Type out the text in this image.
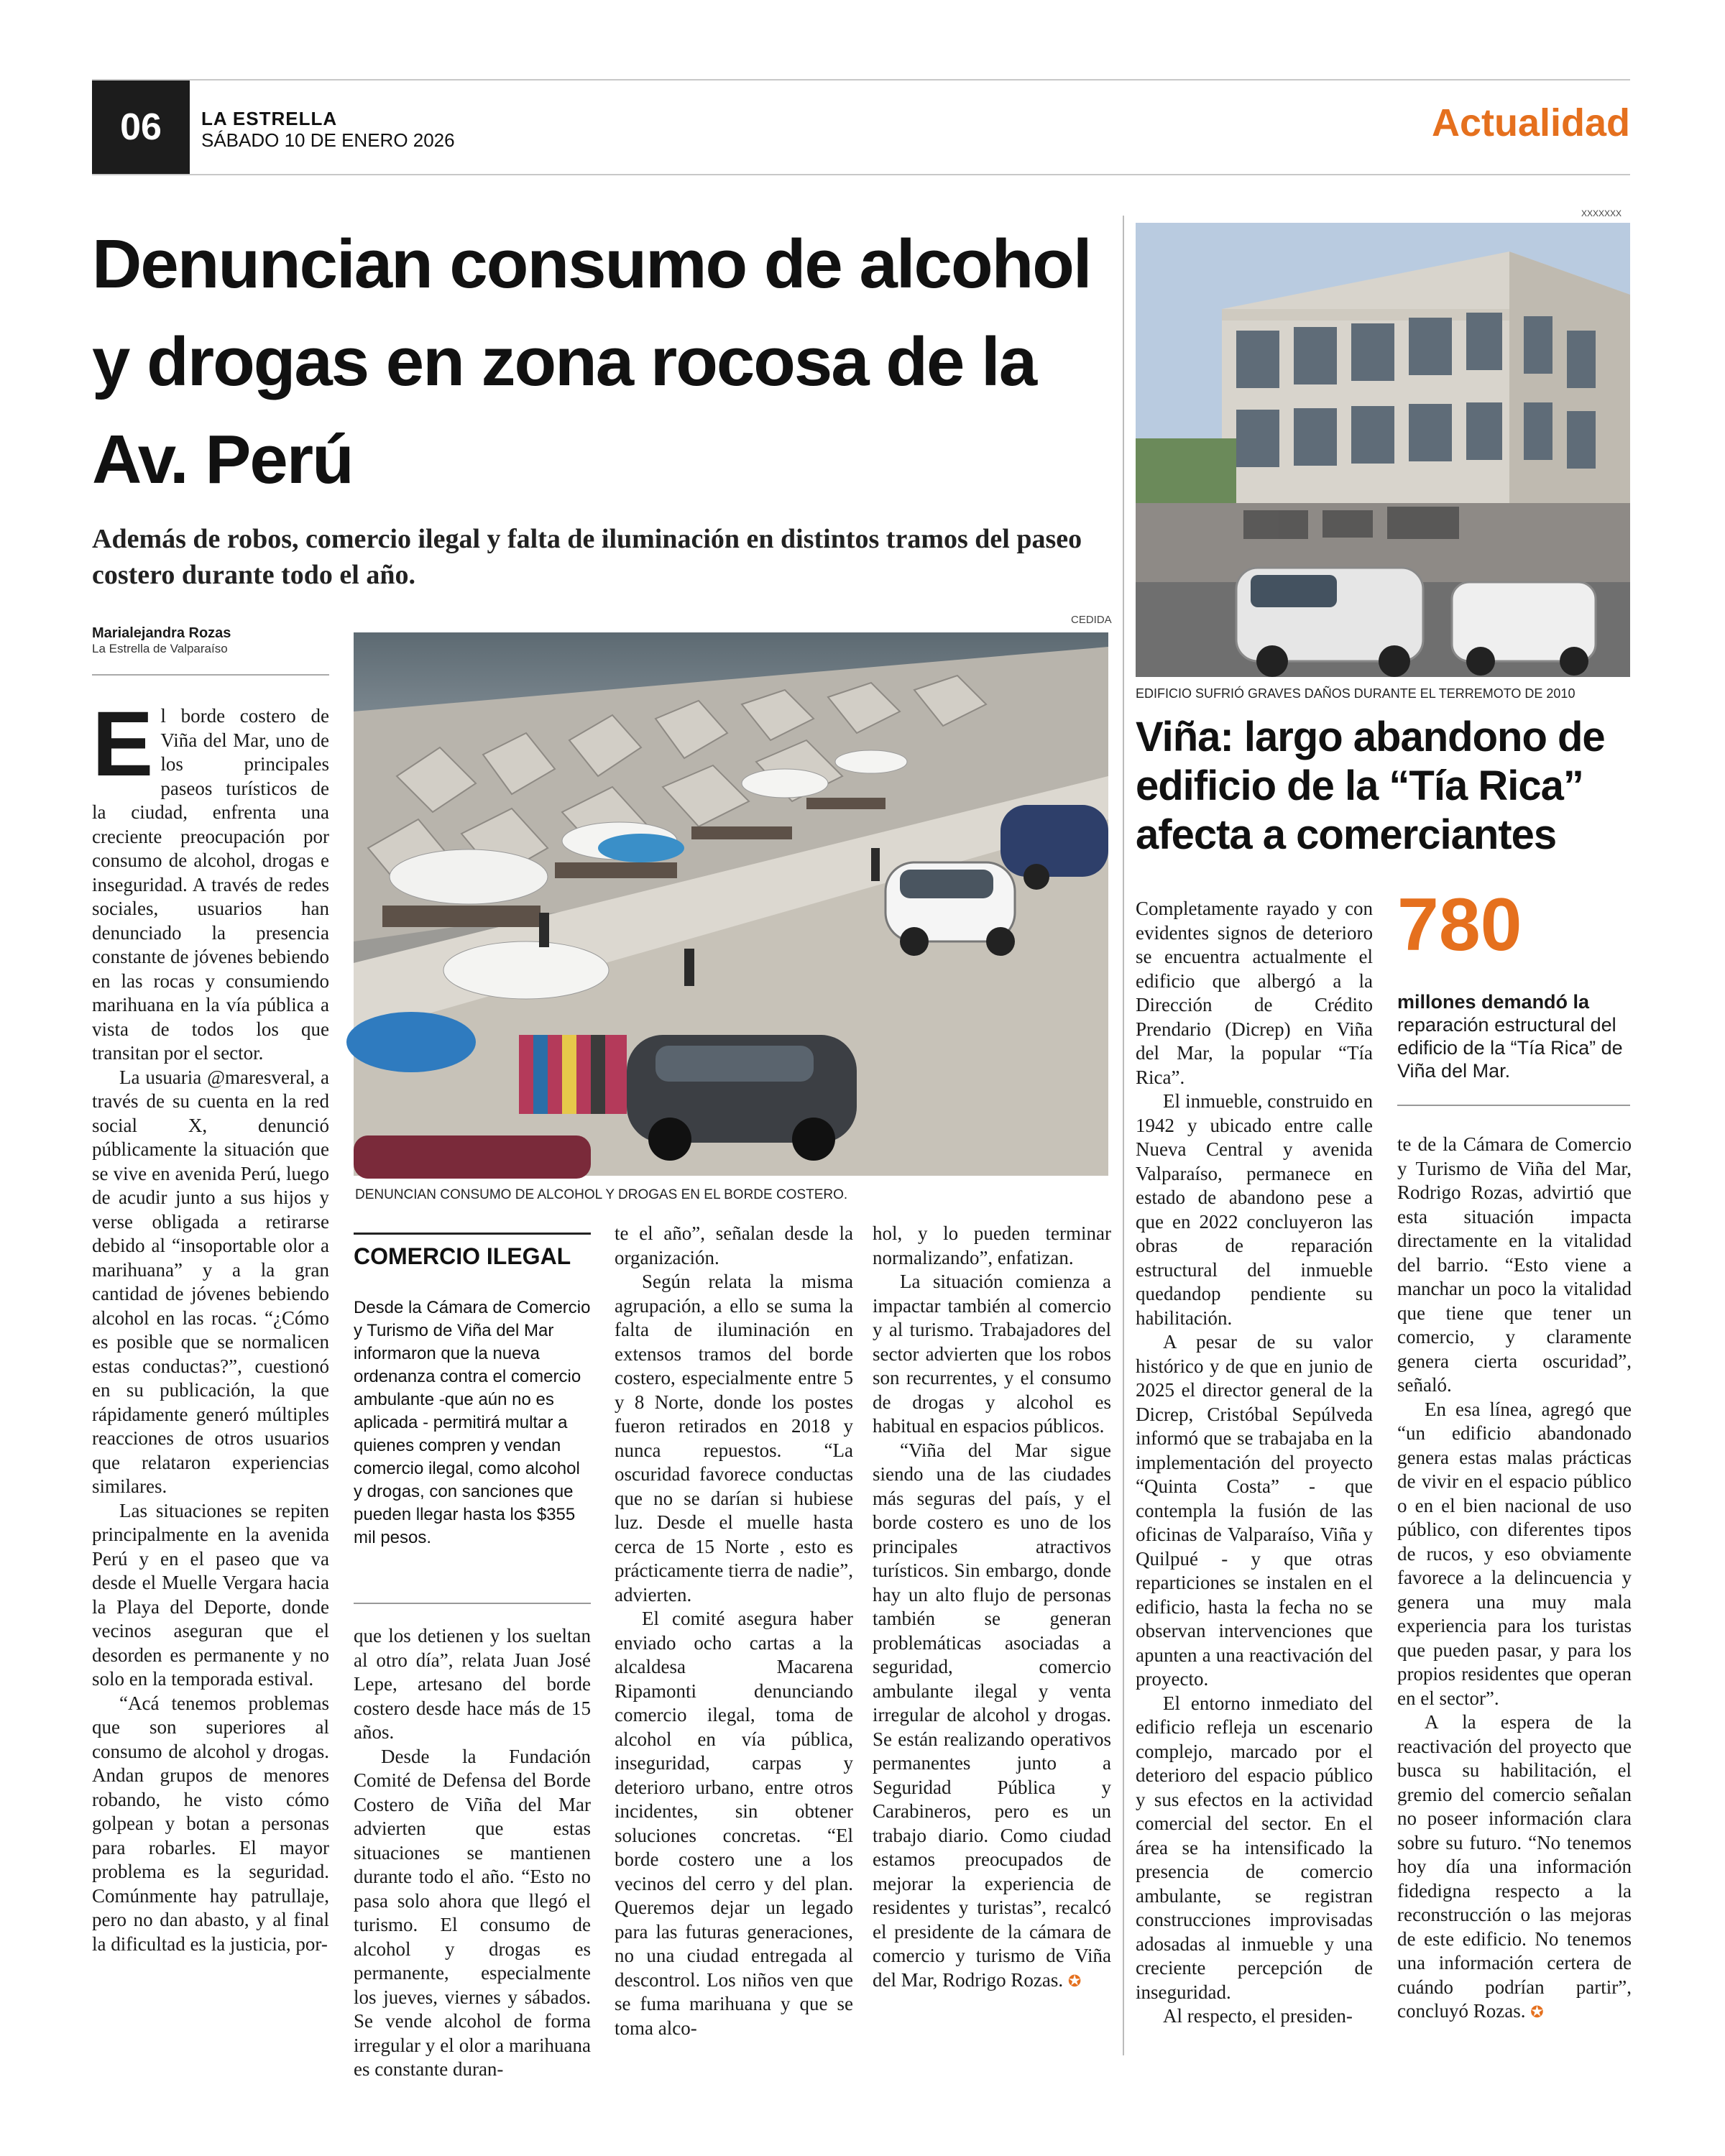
06	LA ESTRELLA
SÁBADO 10 DE ENERO 2026	Actualidad
Denuncian consumo de alcohol y drogas en zona rocosa de la Av. Perú
Además de robos, comercio ilegal y falta de iluminación en distintos tramos del paseo costero durante todo el año.
Marialejandra Rozas
La Estrella de Valparaíso
CEDIDA
DENUNCIAN CONSUMO DE ALCOHOL Y DROGAS EN EL BORDE COSTERO.

El borde costero de Viña del Mar, uno de los principales paseos turísticos de la ciudad, enfrenta una creciente preocupación por consumo de alcohol, drogas e inseguridad. A través de redes sociales, usuarios han denunciado la presencia constante de jóvenes bebiendo en las rocas y consumiendo marihuana en la vía pública a vista de todos los que transitan por el sector.

La usuaria @maresveral, a través de su cuenta en la red social X, denunció públicamente la situación que se vive en avenida Perú, luego de acudir junto a sus hijos y verse obligada a retirarse debido al “insoportable olor a marihuana” y a la gran cantidad de jóvenes bebiendo alcohol en las rocas. “¿Cómo es posible que se normalicen estas conductas?”, cuestionó en su publicación, la que rápidamente generó múltiples reacciones de otros usuarios que relataron experiencias similares.

Las situaciones se repiten principalmente en la avenida Perú y en el paseo que va desde el Muelle Vergara hacia la Playa del Deporte, donde vecinos aseguran que el desorden es permanente y no solo en la temporada estival.

“Acá tenemos problemas que son superiores al consumo de alcohol y drogas. Andan grupos de menores robando, he visto cómo golpean y botan a personas para robarles. El mayor problema es la seguridad. Comúnmente hay patrullaje, pero no dan abasto, y al final la dificultad es la justicia, por-

COMERCIO ILEGAL
Desde la Cámara de Comercio y Turismo de Viña del Mar informaron que la nueva ordenanza contra el comercio ambulante -que aún no es aplicada - permitirá multar a quienes compren y vendan comercio ilegal, como alcohol y drogas, con sanciones que pueden llegar hasta los $355 mil pesos.

que los detienen y los sueltan al otro día”, relata Juan José Lepe, artesano del borde costero desde hace más de 15 años.

Desde la Fundación Comité de Defensa del Borde Costero de Viña del Mar advierten que estas situaciones se mantienen durante todo el año. “Esto no pasa solo ahora que llegó el turismo. El consumo de alcohol y drogas es permanente, especialmente los jueves, viernes y sábados. Se vende alcohol de forma irregular y el olor a marihuana es constante duran-

te el año”, señalan desde la organización.

Según relata la misma agrupación, a ello se suma la falta de iluminación en extensos tramos del borde costero, especialmente entre 5 y 8 Norte, donde los postes fueron retirados en 2018 y nunca repuestos. “La oscuridad favorece conductas que no se darían si hubiese luz. Desde el muelle hasta cerca de 15 Norte , esto es prácticamente tierra de nadie”, advierten.

El comité asegura haber enviado ocho cartas a la alcaldesa Macarena Ripamonti denunciando comercio ilegal, toma de alcohol en vía pública, inseguridad, carpas y deterioro urbano, entre otros incidentes, sin obtener soluciones concretas. “El borde costero une a los vecinos del cerro y del plan. Queremos dejar un legado para las futuras generaciones, no una ciudad entregada al descontrol. Los niños ven que se fuma marihuana y que se toma alco-

hol, y lo pueden terminar normalizando”, enfatizan.

La situación comienza a impactar también al comercio y al turismo. Trabajadores del sector advierten que los robos son recurrentes, y el consumo de drogas y alcohol es habitual en espacios públicos.

“Viña del Mar sigue siendo una de las ciudades más seguras del país, y el borde costero es uno de los principales atractivos turísticos. Sin embargo, donde hay un alto flujo de personas también se generan problemáticas asociadas a seguridad, comercio ambulante ilegal y venta irregular de alcohol y drogas. Se están realizando operativos permanentes junto a Seguridad Pública y Carabineros, pero es un trabajo diario. Como ciudad estamos preocupados de mejorar la experiencia de residentes y turistas”, recalcó el presidente de la cámara de comercio y turismo de Viña del Mar, Rodrigo Rozas. ✪

XXXXXXX
EDIFICIO SUFRIÓ GRAVES DAÑOS DURANTE EL TERREMOTO DE 2010
Viña: largo abandono de edificio de la “Tía Rica” afecta a comerciantes
780
millones demandó la reparación estructural del edificio de la “Tía Rica” de Viña del Mar.

Completamente rayado y con evidentes signos de deterioro se encuentra actualmente el edificio que albergó a la Dirección de Crédito Prendario (Dicrep) en Viña del Mar, la popular “Tía Rica”.

El inmueble, construido en 1942 y ubicado entre calle Nueva Central y avenida Valparaíso, permanece en estado de abandono pese a que en 2022 concluyeron las obras de reparación estructural del inmueble quedandop pendiente su habilitación.

A pesar de su valor histórico y de que en junio de 2025 el director general de la Dicrep, Cristóbal Sepúlveda informó que se trabajaba en la implementación del proyecto “Quinta Costa” - que contempla la fusión de las oficinas de Valparaíso, Viña y Quilpué - y que otras reparticiones se instalen en el edificio, hasta la fecha no se observan intervenciones que apunten a una reactivación del proyecto.

El entorno inmediato del edificio refleja un escenario complejo, marcado por el deterioro del espacio público y sus efectos en la actividad comercial del sector. En el área se ha intensificado la presencia de comercio ambulante, se registran construcciones improvisadas adosadas al inmueble y una creciente percepción de inseguridad.

Al respecto, el presiden-

te de la Cámara de Comercio y Turismo de Viña del Mar, Rodrigo Rozas, advirtió que esta situación impacta directamente en la vitalidad del barrio. “Esto viene a manchar un poco la vitalidad que tiene que tener un comercio, y claramente genera cierta oscuridad”, señaló.

En esa línea, agregó que “un edificio abandonado genera estas malas prácticas de vivir en el espacio público o en el bien nacional de uso público, con diferentes tipos de rucos, y eso obviamente favorece a la delincuencia y genera una muy mala experiencia para los turistas que pueden pasar, y para los propios residentes que operan en el sector”.

A la espera de la reactivación del proyecto que busca su habilitación, el gremio del comercio señalan no poseer información clara sobre su futuro. “No tenemos hoy día una información fidedigna respecto a la reconstrucción o las mejoras de este edificio. No tenemos una información certera de cuándo podrían partir”, concluyó Rozas. ✪
